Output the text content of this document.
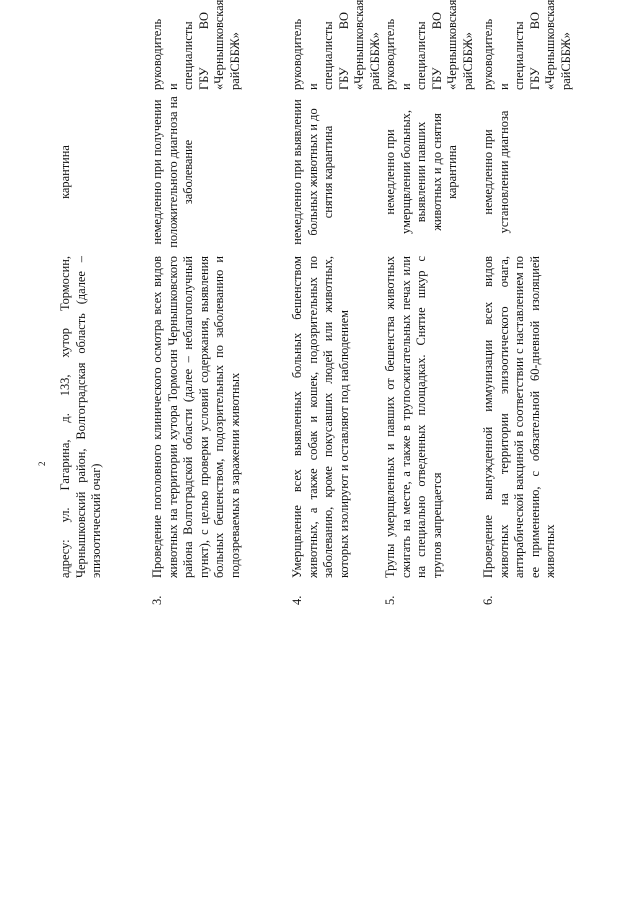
2
	адресу: ул. Гагарина, д. 133, хутор Тормосин, Чернышковский район, Волгоградская область (далее – эпизоотический очаг)	карантина	
3.	Проведение поголовного клинического осмотра всех видов животных на территории хутора Тормосин Чернышковского района Волгоградской области (далее – неблагополучный пункт), с целью проверки условий содержания, выявления больных бешенством, подозрительных по заболеванию и подозреваемых в заражении животных	немедленно при получении положительного диагноза на заболевание	руководитель и специалисты ГБУ ВО «Чернышковская райСББЖ»
4.	Умерщвление всех выявленных больных бешенством животных, а также собак и кошек, подозрительных по заболеванию, кроме покусавших людей или животных, которых изолируют и оставляют под наблюдением	немедленно при выявлении больных животных и до снятия карантина	руководитель и специалисты ГБУ ВО «Чернышковская райСББЖ»
5.	Трупы умерщвленных и павших от бешенства животных сжигать на месте, а также в трупосжигательных печах или на специально отведенных площадках. Снятие шкур с трупов запрещается	немедленно при умерщвлении больных, выявлении павших животных и до снятия карантина	руководитель и специалисты ГБУ ВО «Чернышковская райСББЖ»
6.	Проведение вынужденной иммунизации всех видов животных на территории эпизоотического очага, антирабической вакциной в соответствии с наставлением по ее применению, с обязательной 60-дневной изоляцией животных	немедленно при установлении диагноза	руководитель и специалисты ГБУ ВО «Чернышковская райСББЖ»
